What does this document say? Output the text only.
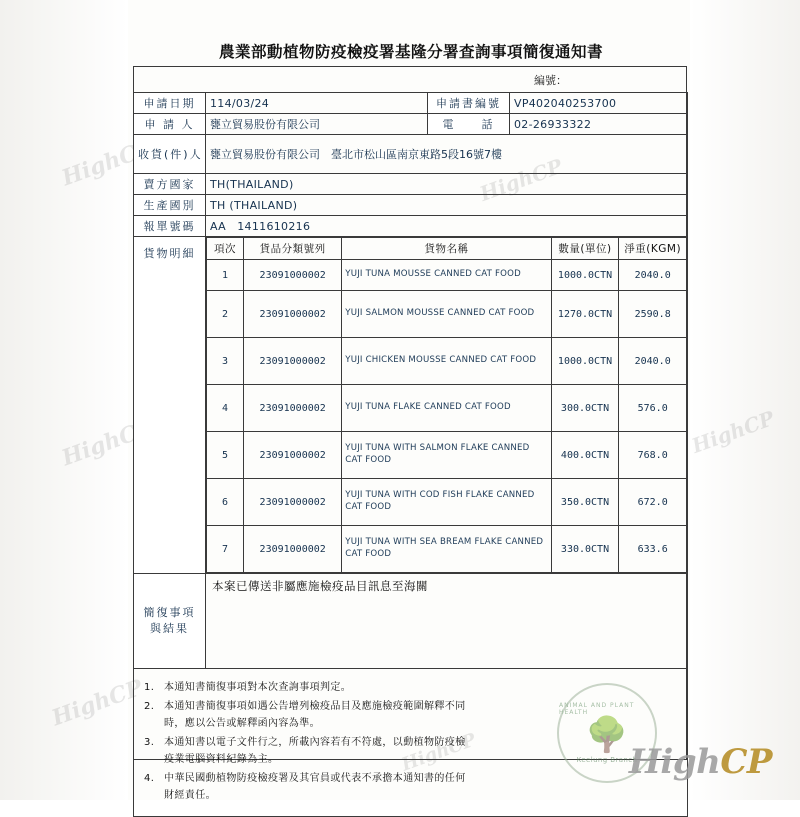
HighCP
HighCP
農業部動植物防疫檢疫署基隆分署查詢事項簡復通知書
編號：
申請日期	114/03/24	申請書編號	VP402040253700
申 請 人	甕立貿易股份有限公司	電　　話	02-26933322
收貨(件)人	甕立貿易股份有限公司　臺北市松山區南京東路5段16號7樓
賣方國家	TH(THAILAND)
生產國別	TH (THAILAND)
報單號碼	AA　1411610216
貨物明細	項次	貨品分類號列	貨物名稱	數量(單位)	淨重(KGM)
1	23091000002	YUJI TUNA MOUSSE CANNED CAT FOOD	1000.0CTN	2040.0
2	23091000002	YUJI SALMON MOUSSE CANNED CAT FOOD	1270.0CTN	2590.8
3	23091000002	YUJI CHICKEN MOUSSE CANNED CAT FOOD	1000.0CTN	2040.0
4	23091000002	YUJI TUNA FLAKE CANNED CAT FOOD	300.0CTN	576.0
5	23091000002	YUJI TUNA WITH SALMON FLAKE CANNED CAT FOOD	400.0CTN	768.0
6	23091000002	YUJI TUNA WITH COD FISH FLAKE CANNED CAT FOOD	350.0CTN	672.0
7	23091000002	YUJI TUNA WITH SEA BREAM FLAKE CANNED CAT FOOD	330.0CTN	633.6

簡復事項
與結果

本案已傳送非屬應施檢疫品目訊息至海關

1. 本通知書簡復事項對本次查詢事項判定。
2. 本通知書簡復事項如遇公告增列檢疫品目及應施檢疫範圍解釋不同時，應以公告或解釋函內容為準。
3. 本通知書以電子文件行之，所載內容若有不符處，以動植物防疫檢疫業電腦資料紀錄為主。
4. 中華民國動植物防疫檢疫署及其官員或代表不承擔本通知書的任何財經責任。
ANIMAL AND PLANT HEALTH
🌳
Keelung Branch
HighCP
